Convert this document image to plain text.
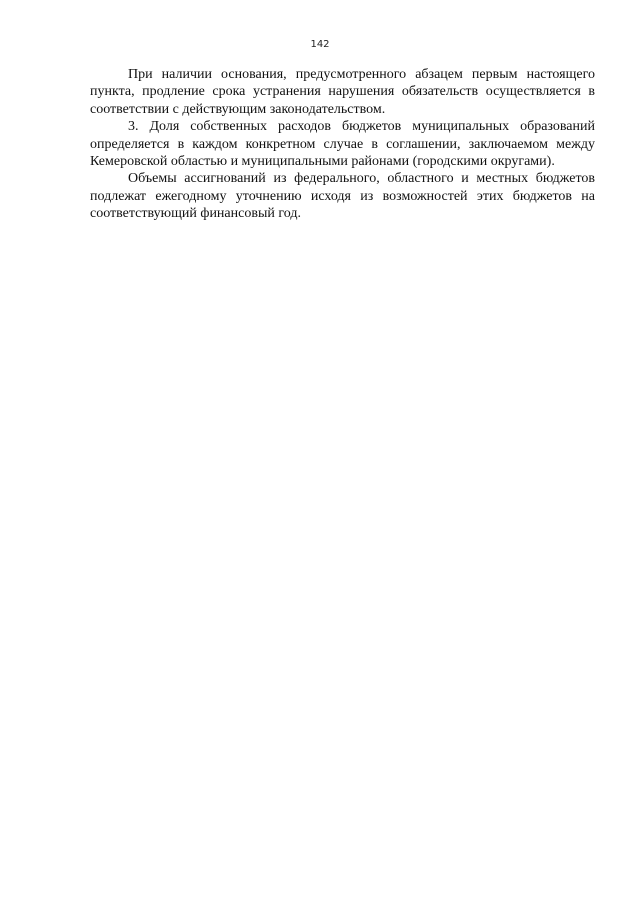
142

При наличии основания, предусмотренного абзацем первым настоящего пункта, продление срока устранения нарушения обязательств осуществляется в соответствии с действующим законодательством.

3. Доля собственных расходов бюджетов муниципальных образований определяется в каждом конкретном случае в соглашении, заключаемом между Кемеровской областью и муниципальными районами (городскими округами).

Объемы ассигнований из федерального, областного и местных бюджетов подлежат ежегодному уточнению исходя из возможностей этих бюджетов на соответствующий финансовый год.
